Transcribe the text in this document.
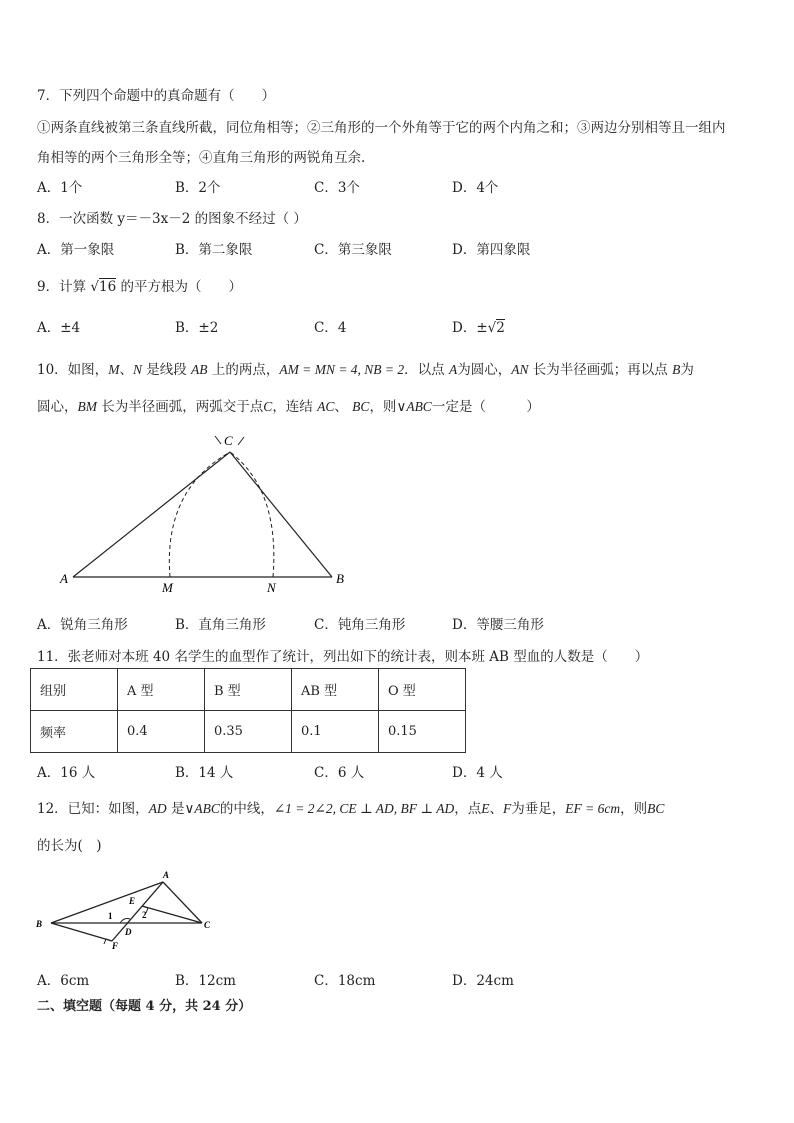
7．下列四个命题中的真命题有（　　）
①两条直线被第三条直线所截，同位角相等；②三角形的一个外角等于它的两个内角之和；③两边分别相等且一组内
角相等的两个三角形全等；④直角三角形的两锐角互余.
A．1个	B．2个	C．3个	D．4个
8．一次函数 y＝－3x－2 的图象不经过（ ）
A．第一象限	B．第二象限	C．第三象限	D．第四象限
9．计算 √16 的平方根为（　　）
A．±4	B．±2	C．4	D．±√2
10．如图，M、N 是线段 AB 上的两点，AM = MN = 4, NB = 2．以点 A为圆心，AN 长为半径画弧；再以点 B为
圆心，BM 长为半径画弧，两弧交于点C，连结 AC、 BC，则∨ABC一定是（　　　）
C
A	B
M	N
A．锐角三角形	B．直角三角形	C．钝角三角形	D．等腰三角形
11．张老师对本班 40 名学生的血型作了统计，列出如下的统计表，则本班 AB 型血的人数是（　　）
组别	A 型	B 型	AB 型	O 型
频率	0.4	0.35	0.1	0.15
A．16 人	B．14 人	C．6 人	D．4 人
12．已知：如图，AD 是∨ABC的中线，∠1 = 2∠2, CE ⊥ AD, BF ⊥ AD，点E、F为垂足，EF = 6cm，则BC
的长为(　)
A
B	C
D
E
F
1	2
A．6cm	B．12cm	C．18cm	D．24cm
二、填空题（每题 4 分，共 24 分）
